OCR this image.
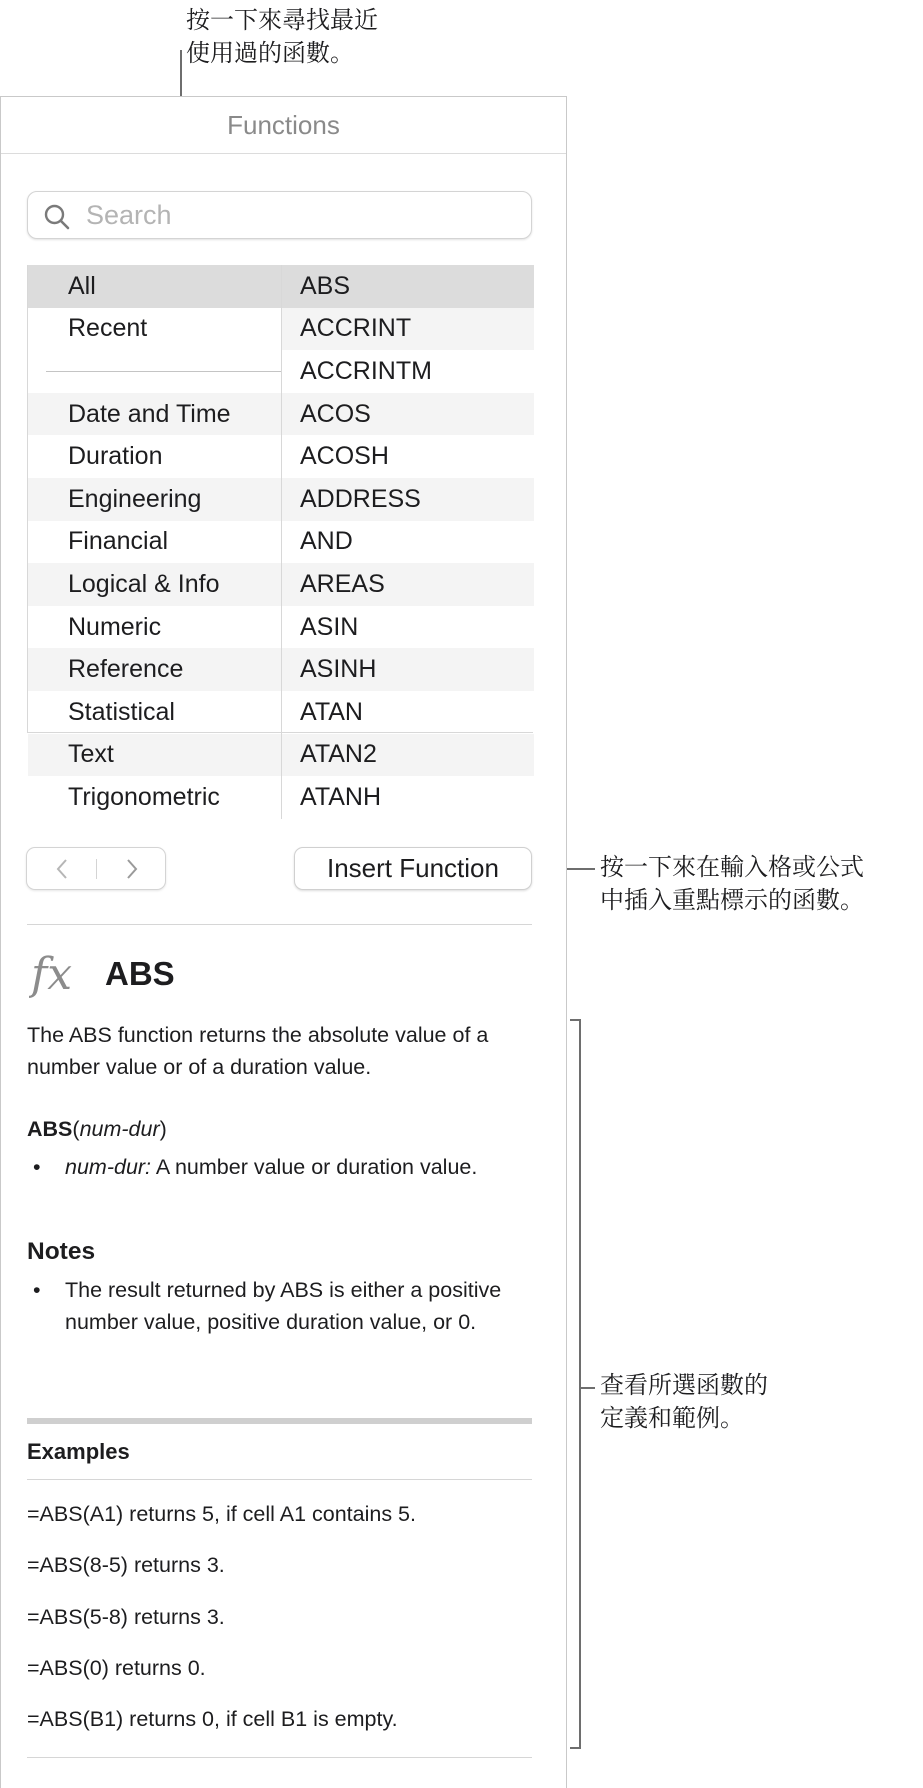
按一下來尋找最近
使用過的函數。
按一下來在輸入格或公式
中插入重點標示的函數。
查看所選函數的
定義和範例。
Functions
Search
All
Recent
Date and Time
Duration
Engineering
Financial
Logical & Info
Numeric
Reference
Statistical
Text
Trigonometric
ABS
ACCRINT
ACCRINTM
ACOS
ACOSH
ADDRESS
AND
AREAS
ASIN
ASINH
ATAN
ATAN2
ATANH
Insert Function
fx ABS
The ABS function returns the absolute value of a number value or of a duration value.
ABS(num-dur)
• num-dur: A number value or duration value.
Notes
• The result returned by ABS is either a positive number value, positive duration value, or 0.
Examples
=ABS(A1) returns 5, if cell A1 contains 5.
=ABS(8-5) returns 3.
=ABS(5-8) returns 3.
=ABS(0) returns 0.
=ABS(B1) returns 0, if cell B1 is empty.
